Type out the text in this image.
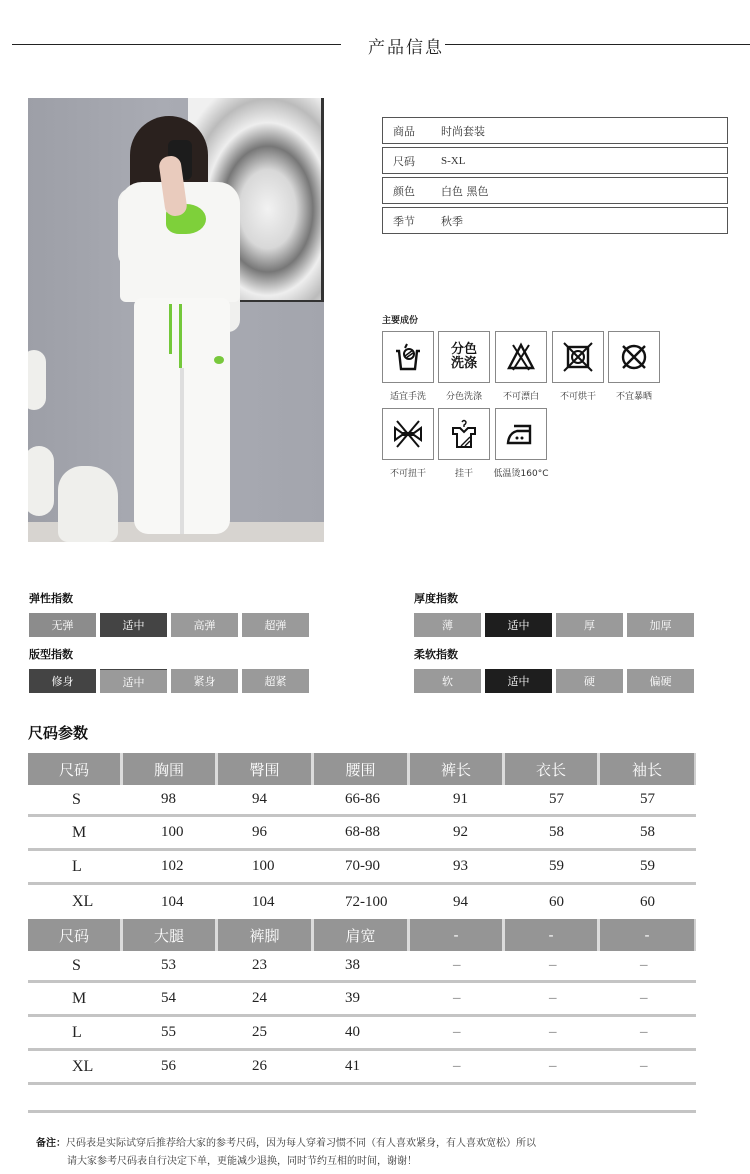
产品信息
商品	时尚套装
尺码	S-XL
颜色	白色 黑色
季节	秋季
主要成份
适宜手洗
分色
洗涤
分色洗涤	不可漂白	不可烘干	不宜暴晒
不可扭干	挂干	低温烫160°C
弹性指数
无弹	适中	高弹	超弹
版型指数
修身	适中	紧身	超紧
厚度指数
薄	适中	厚	加厚
柔软指数
软	适中	硬	偏硬
尺码参数
尺码	胸围	臀围	腰围	裤长	衣长	袖长
S	98	94	66-86	91	57	57
M	100	96	68-88	92	58	58
L	102	100	70-90	93	59	59
XL	104	104	72-100	94	60	60
尺码	大腿	裤脚	肩宽	-	-	-
S	53	23	38	–	–	–
M	54	24	39	–	–	–
L	55	25	40	–	–	–
XL	56	26	41	–	–	–
备注：尺码表是实际试穿后推荐给大家的参考尺码，因为每人穿着习惯不同（有人喜欢紧身，有人喜欢宽松）所以
请大家参考尺码表自行决定下单，更能减少退换，同时节约互相的时间，谢谢！
